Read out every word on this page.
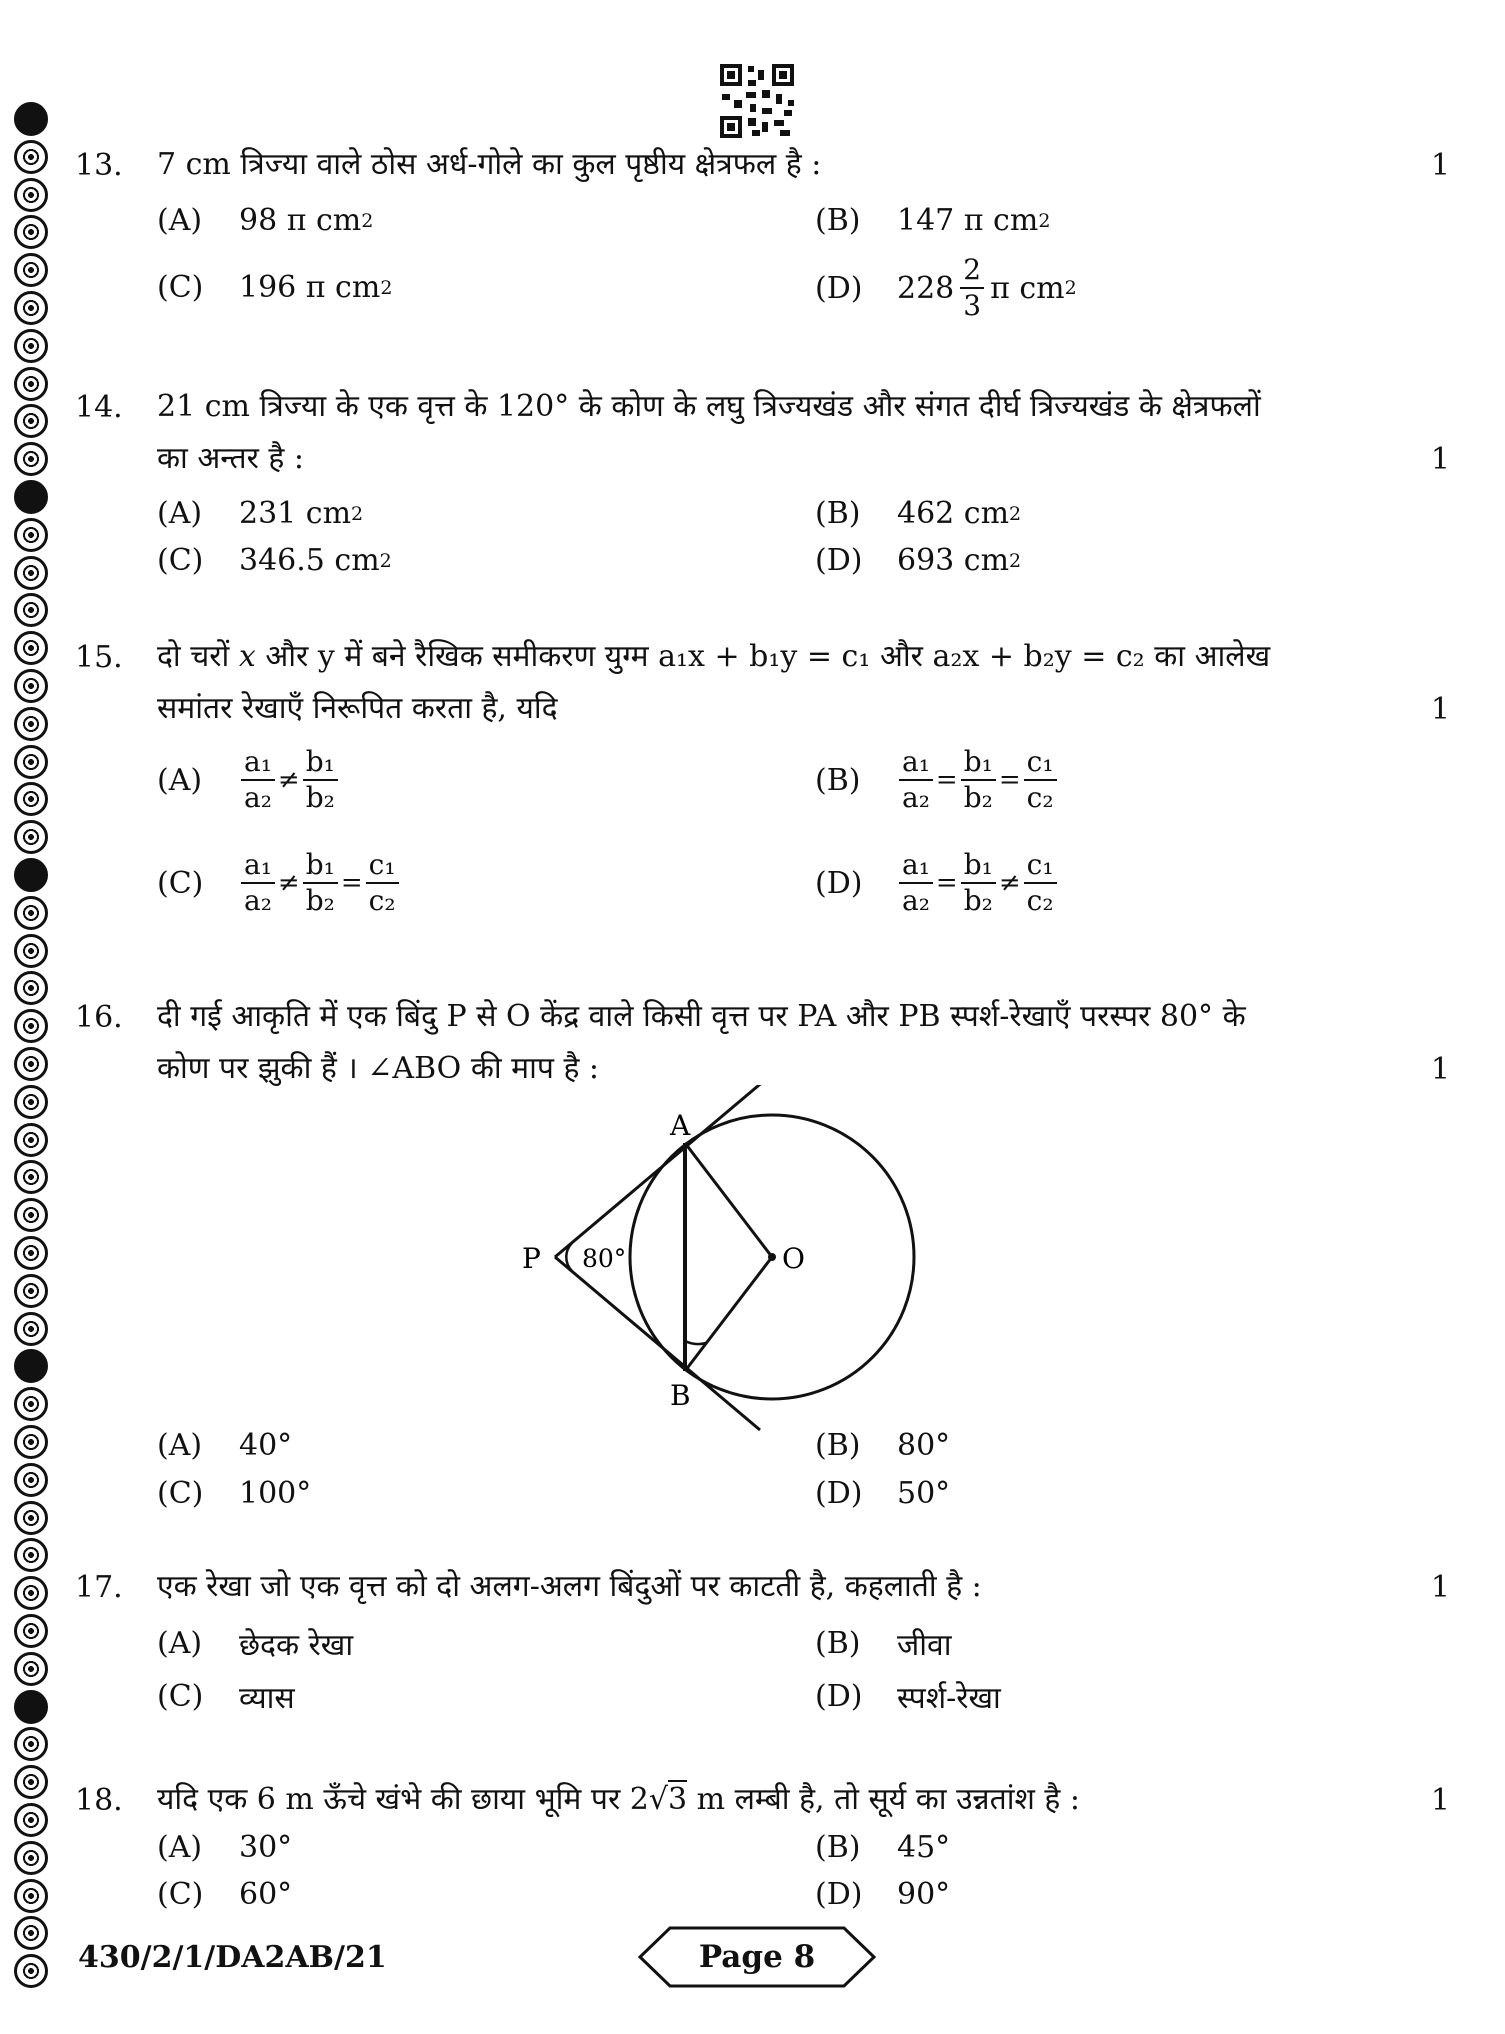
13. 7 cm त्रिज्या वाले ठोस अर्ध-गोले का कुल पृष्ठीय क्षेत्रफल है :	1
(A)	98 π cm 2	(B)	147 π cm 2
(C)	196 π cm 2	(D)	$228 \frac{2}{3}$ π cm 2
14. 21 cm त्रिज्या के एक वृत्त के 120° के कोण के लघु त्रिज्यखंड और संगत दीर्घ त्रिज्यखंड के क्षेत्रफलों
का अन्तर है :	1
(A)	231 cm 2	(B)	462 cm 2
(C)	346.5 cm 2	(D)	693 cm 2
15. दो चरों x और y में बने रैखिक समीकरण युग्म a₁x + b₁y = c₁ और a₂x + b₂y = c₂ का आलेख
समांतर रेखाएँ निरूपित करता है, यदि	1
(A)	$\frac{\text{a₁}}{\text{a₂}} \ne \frac{\text{b₁}}{\text{b₂}}$	(B)	$\frac{\text{a₁}}{\text{a₂}} = \frac{\text{b₁}}{\text{b₂}} = \frac{\text{c₁}}{\text{c₂}}$
(C)	$\frac{\text{a₁}}{\text{a₂}} \ne \frac{\text{b₁}}{\text{b₂}} = \frac{\text{c₁}}{\text{c₂}}$	(D)	$\frac{\text{a₁}}{\text{a₂}} = \frac{\text{b₁}}{\text{b₂}} \ne \frac{\text{c₁}}{\text{c₂}}$
16. दी गई आकृति में एक बिंदु P से O केंद्र वाले किसी वृत्त पर PA और PB स्पर्श-रेखाएँ परस्पर 80° के
कोण पर झुकी हैं । ∠ABO की माप है :	1
A
B
P	O
80°
(A)	40°	(B)	80°
(C)	100°	(D)	50°
17. एक रेखा जो एक वृत्त को दो अलग-अलग बिंदुओं पर काटती है, कहलाती है :	1
(A)	छेदक रेखा	(B)	जीवा
(C)	व्यास	(D)	स्पर्श-रेखा
18. यदि एक 6 m ऊँचे खंभे की छाया भूमि पर 2√3 m लम्बी है, तो सूर्य का उन्नतांश है :	1
(A)	30°	(B)	45°
(C)	60°	(D)	90°
430/2/1/DA2AB/21	Page 8
